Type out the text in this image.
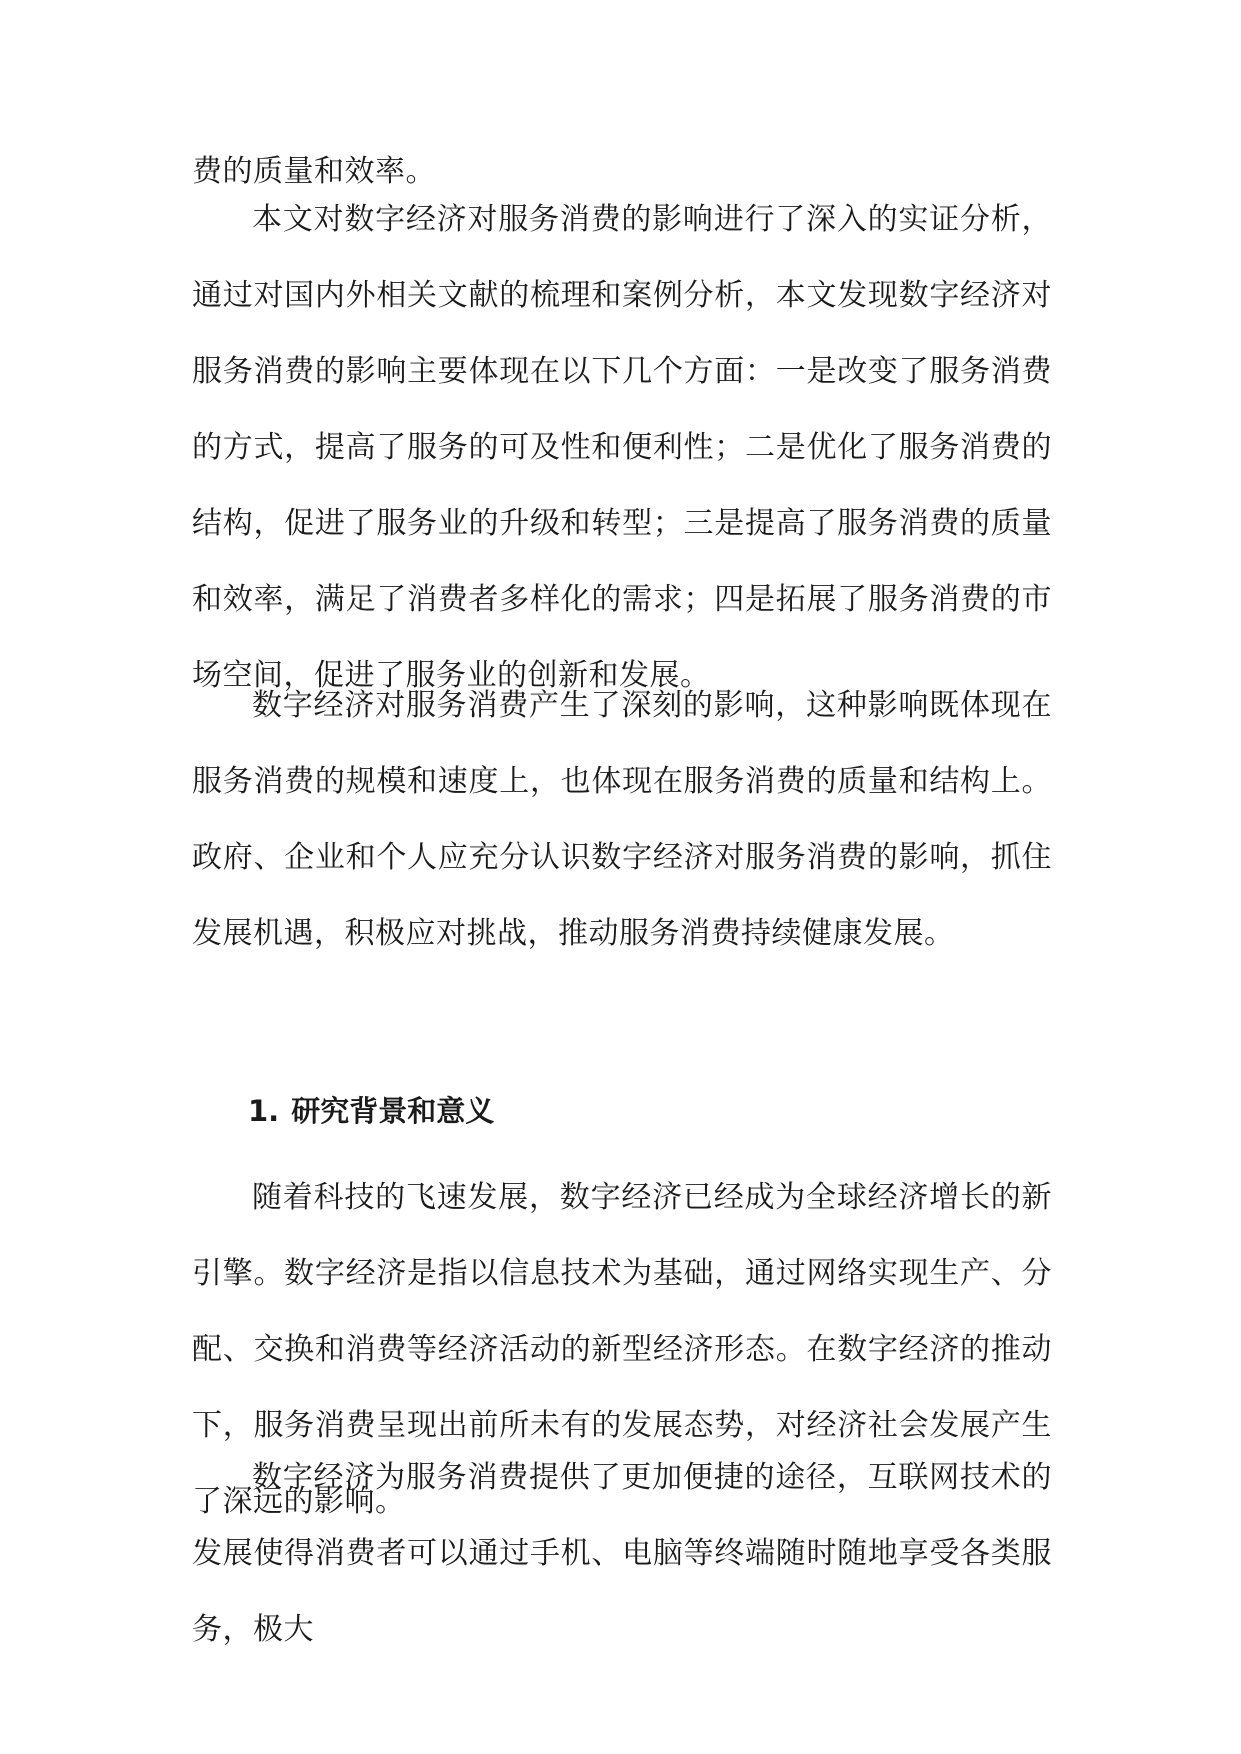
费的质量和效率。

本文对数字经济对服务消费的影响进行了深入的实证分析，通过对国内外相关文献的梳理和案例分析，本文发现数字经济对服务消费的影响主要体现在以下几个方面：一是改变了服务消费的方式，提高了服务的可及性和便利性；二是优化了服务消费的结构，促进了服务业的升级和转型；三是提高了服务消费的质量和效率，满足了消费者多样化的需求；四是拓展了服务消费的市场空间，促进了服务业的创新和发展。

数字经济对服务消费产生了深刻的影响，这种影响既体现在服务消费的规模和速度上，也体现在服务消费的质量和结构上。政府、企业和个人应充分认识数字经济对服务消费的影响，抓住发展机遇，积极应对挑战，推动服务消费持续健康发展。

1. 研究背景和意义

随着科技的飞速发展，数字经济已经成为全球经济增长的新引擎。数字经济是指以信息技术为基础，通过网络实现生产、分配、交换和消费等经济活动的新型经济形态。在数字经济的推动下，服务消费呈现出前所未有的发展态势，对经济社会发展产生了深远的影响。

数字经济为服务消费提供了更加便捷的途径，互联网技术的发展使得消费者可以通过手机、电脑等终端随时随地享受各类服务，极大
